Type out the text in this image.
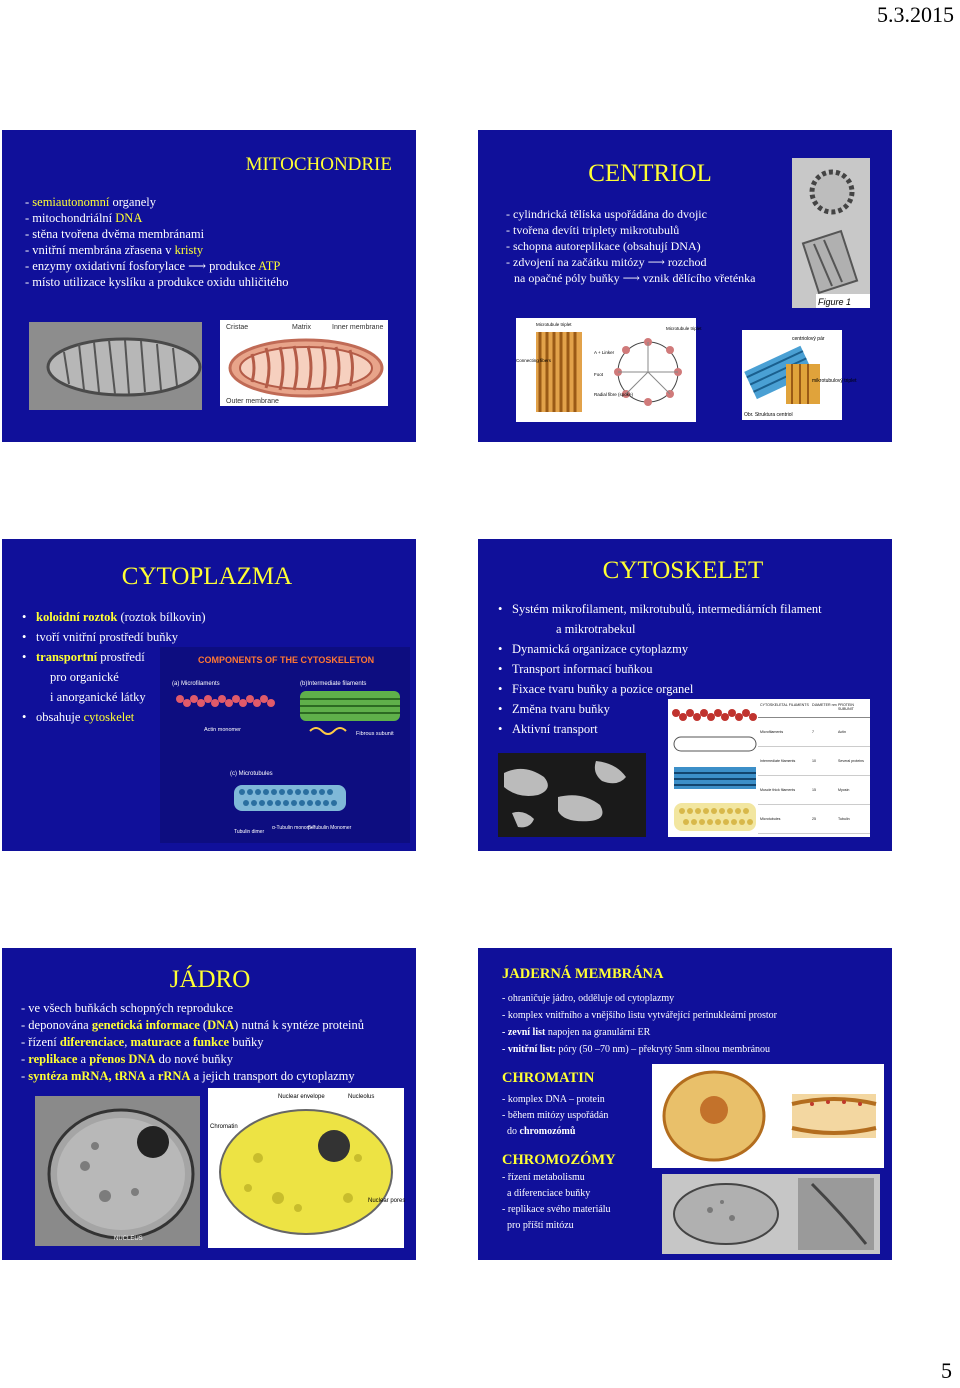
5.3.2015
MITOCHONDRIE
- semiautonomní organely
- mitochondriální DNA
- stěna tvořena dvěma membránami
- vnitřní membrána zřasena v kristy
- enzymy oxidativní fosforylace ⟶ produkce ATP
- místo utilizace kyslíku a produkce oxidu uhličitého
Cristae	Matrix	Inner membrane
Outer membrane
CENTRIOL
- cylindrická tělíska uspořádána do dvojic
- tvořena devíti triplety mikrotubulů
- schopna autoreplikace (obsahují DNA)
- zdvojení na začátku mitózy ⟶ rozchod
na opačné póly buňky ⟶ vznik dělícího vřeténka
Figure 1
Microtubule triplet
A + Linker
Microtubule triplet
Connecting fibers
Foot
Radial fibre (spoke)
centriolový pár
mikrotubulový triplet
Obr. Struktura centriol
CYTOPLAZMA
• koloidní roztok (roztok bílkovin)
• tvoří vnitřní prostředí buňky
• transportní prostředí
pro organické
i anorganické látky
• obsahuje cytoskelet
COMPONENTS OF THE CYTOSKELETON
(a) Microfilaments	(b)Intermediate filaments
Actin monomer
Fibrous subunit
(c) Microtubules
Tubulin dimer
α-Tubulin monomer
β-Tubulin Monomer
CYTOSKELET
• Systém mikrofilament, mikrotubulů, intermediárních filament
a mikrotrabekul
• Dynamická organizace cytoplazmy
• Transport informací buňkou
• Fixace tvaru buňky a pozice organel
• Změna tvaru buňky
• Aktivní transport
CYTOSKELETAL FILAMENTS DIAMETER nm PROTEIN SUBUNIT
Microfilaments	7	Actin
Intermediate filaments	10	Several proteins
Muscle thick filaments	15	Myosin
Microtubules	25	Tubulin
JÁDRO
- ve všech buňkách schopných reprodukce
- deponována genetická informace (DNA) nutná k syntéze proteinů
- řízení diferenciace, maturace a funkce buňky
- replikace a přenos DNA do nové buňky
- syntéza mRNA, tRNA a rRNA a jejich transport do cytoplazmy
Nuclear envelope	Nucleolus
Chromatin
Nuclear pores
NUCLEUS	NUCLEOLUS
JADERNÁ MEMBRÁNA
- ohraničuje jádro, odděluje od cytoplazmy
- komplex vnitřního a vnějšího listu vytvářející perinukleární prostor
- zevní list napojen na granulární ER
- vnitřní list: póry (50 –70 nm) – překrytý 5nm silnou membránou
CHROMATIN
- komplex DNA – protein
- během mitózy uspořádán
do chromozómů
CHROMOZÓMY
- řízení metabolismu
a diferenciace buňky
- replikace svého materiálu
pro příští mitózu
5
